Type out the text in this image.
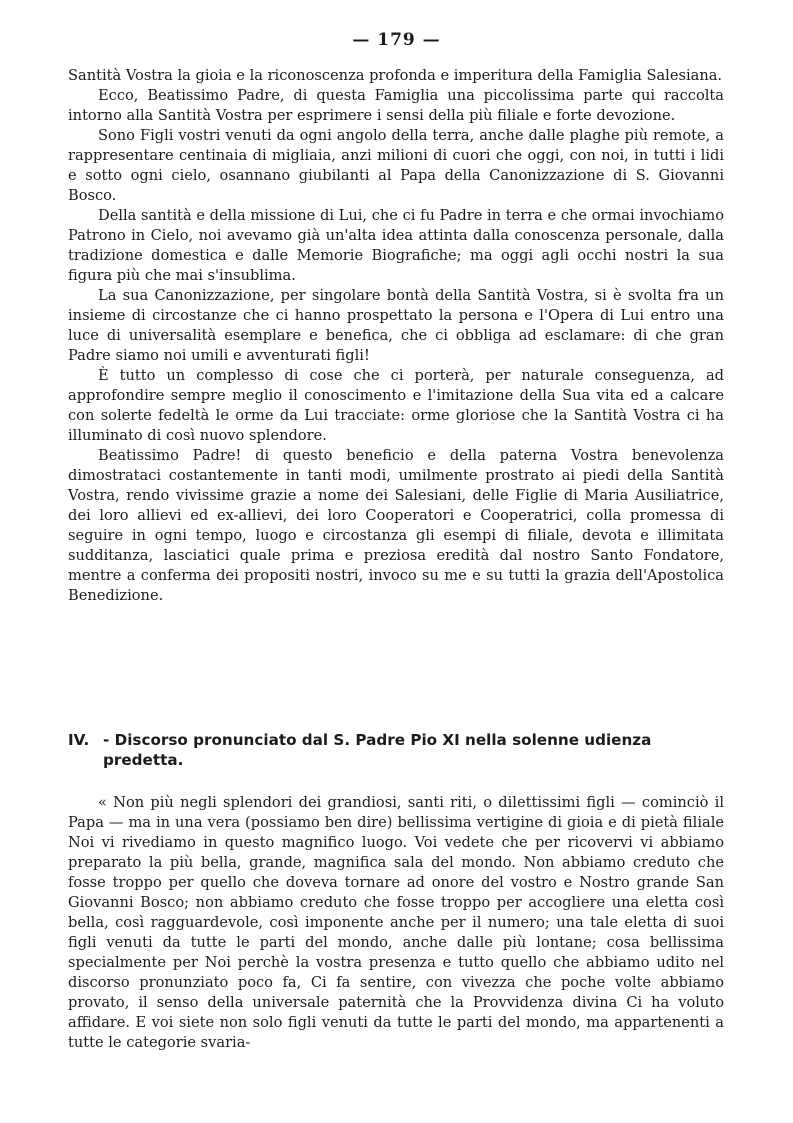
— 179 —

Santità Vostra la gioia e la riconoscenza profonda e imperitura della Famiglia Salesiana.

Ecco, Beatissimo Padre, di questa Famiglia una piccolissima parte qui raccolta intorno alla Santità Vostra per esprimere i sensi della più filiale e forte devozione.

Sono Figli vostri venuti da ogni angolo della terra, anche dalle plaghe più remote, a rappresentare centinaia di migliaia, anzi milioni di cuori che oggi, con noi, in tutti i lidi e sotto ogni cielo, osannano giubilanti al Papa della Canonizzazione di S. Giovanni Bosco.

Della santità e della missione di Lui, che ci fu Padre in terra e che ormai invochiamo Patrono in Cielo, noi avevamo già un'alta idea attinta dalla conoscenza personale, dalla tradizione domestica e dalle Memorie Biografiche; ma oggi agli occhi nostri la sua figura più che mai s'insublima.

La sua Canonizzazione, per singolare bontà della Santità Vostra, si è svolta fra un insieme di circostanze che ci hanno prospettato la persona e l'Opera di Lui entro una luce di universalità esemplare e benefica, che ci obbliga ad esclamare: di che gran Padre siamo noi umili e avventurati figli!

È tutto un complesso di cose che ci porterà, per naturale conseguenza, ad approfondire sempre meglio il conoscimento e l'imitazione della Sua vita ed a calcare con solerte fedeltà le orme da Lui tracciate: orme gloriose che la Santità Vostra ci ha illuminato di così nuovo splendore.

Beatissimo Padre! di questo beneficio e della paterna Vostra benevolenza dimostrataci costantemente in tanti modi, umilmente prostrato ai piedi della Santità Vostra, rendo vivissime grazie a nome dei Salesiani, delle Figlie di Maria Ausiliatrice, dei loro allievi ed ex-allievi, dei loro Cooperatori e Cooperatrici, colla promessa di seguire in ogni tempo, luogo e circostanza gli esempi di filiale, devota e illimitata sudditanza, lasciatici quale prima e preziosa eredità dal nostro Santo Fondatore, mentre a conferma dei propositi nostri, invoco su me e su tutti la grazia dell'Apostolica Benedizione.

IV. - Discorso pronunciato dal S. Padre Pio XI nella solenne udienza predetta.

« Non più negli splendori dei grandiosi, santi riti, o dilettissimi figli — cominciò il Papa — ma in una vera (possiamo ben dire) bellissima vertigine di gioia e di pietà filiale Noi vi rivediamo in questo magnifico luogo. Voi vedete che per ricovervi vi abbiamo preparato la più bella, grande, magnifica sala del mondo. Non abbiamo creduto che fosse troppo per quello che doveva tornare ad onore del vostro e Nostro grande San Giovanni Bosco; non abbiamo creduto che fosse troppo per accogliere una eletta così bella, così ragguardevole, così imponente anche per il numero; una tale eletta di suoi figli venuti da tutte le parti del mondo, anche dalle più lontane; cosa bellissima specialmente per Noi perchè la vostra presenza e tutto quello che abbiamo udito nel discorso pronunziato poco fa, Ci fa sentire, con vivezza che poche volte abbiamo provato, il senso della universale paternità che la Provvidenza divina Ci ha voluto affidare. E voi siete non solo figli venuti da tutte le parti del mondo, ma appartenenti a tutte le categorie svaria-
